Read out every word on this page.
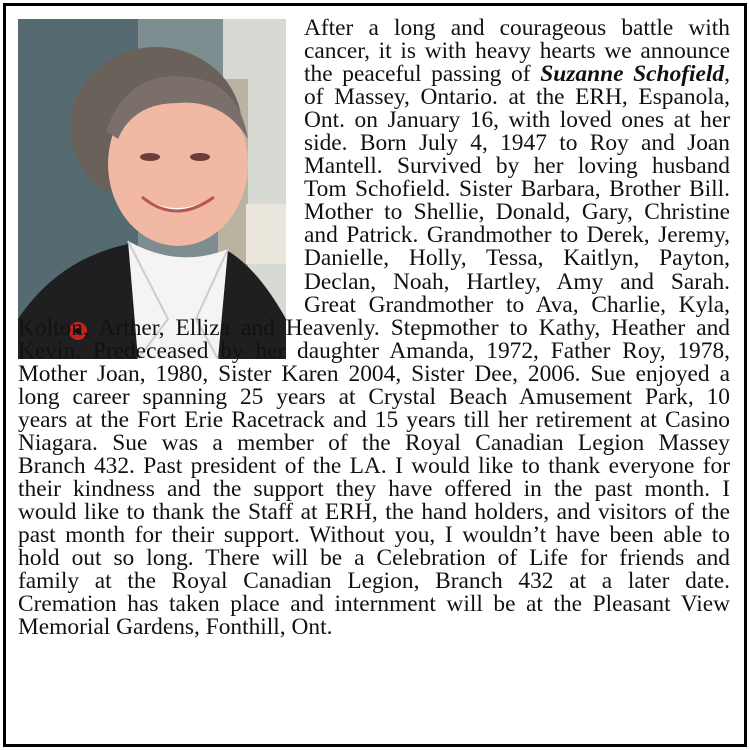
After a long and courageous battle with
cancer, it is with heavy hearts we announce
the peaceful passing of Suzanne Schofield,
of Massey, Ontario. at the ERH, Espanola,
Ont. on January 16, with loved ones at her
side. Born July 4, 1947 to Roy and Joan
Mantell. Survived by her loving husband
Tom Schofield. Sister Barbara, Brother Bill.
Mother to Shellie, Donald, Gary, Christine
and Patrick. Grandmother to Derek, Jeremy,
Danielle, Holly, Tessa, Kaitlyn, Payton,
Declan, Noah, Hartley, Amy and Sarah.
Great Grandmother to Ava, Charlie, Kyla,
Kolton, Arther, Elliza and Heavenly. Stepmother to Kathy, Heather and
Kevin. Predeceased by her daughter Amanda, 1972, Father Roy, 1978,
Mother Joan, 1980, Sister Karen 2004, Sister Dee, 2006. Sue enjoyed a
long career spanning 25 years at Crystal Beach Amusement Park, 10
years at the Fort Erie Racetrack and 15 years till her retirement at Casino
Niagara. Sue was a member of the Royal Canadian Legion Massey
Branch 432. Past president of the LA. I would like to thank everyone for
their kindness and the support they have offered in the past month. I
would like to thank the Staff at ERH, the hand holders, and visitors of the
past month for their support. Without you, I wouldn’t have been able to
hold out so long. There will be a Celebration of Life for friends and
family at the Royal Canadian Legion, Branch 432 at a later date.
Cremation has taken place and internment will be at the Pleasant View
Memorial Gardens, Fonthill, Ont.
